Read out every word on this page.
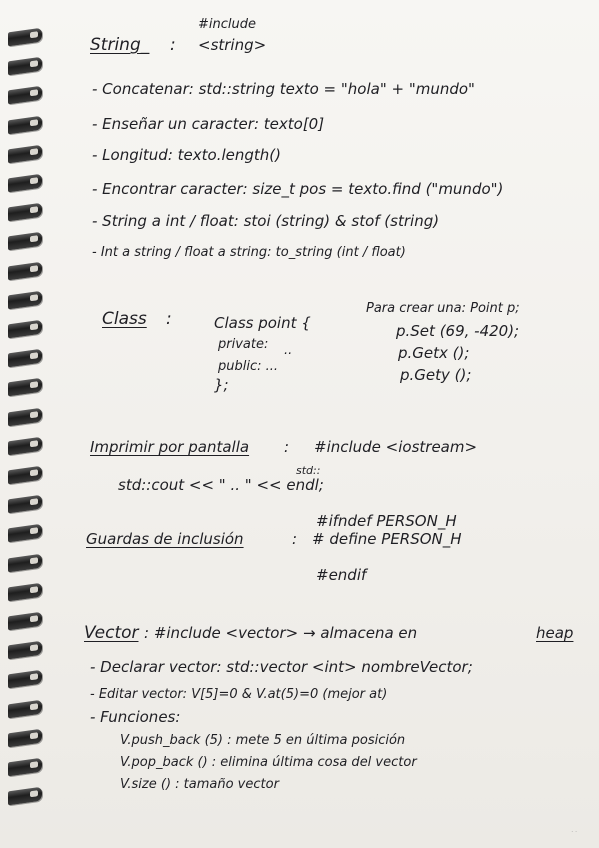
#include
String_ : <string>
- Concatenar: std::string texto = "hola" + "mundo"
- Enseñar un caracter: texto[0]
- Longitud: texto.length()
- Encontrar caracter: size_t pos = texto.find ("mundo")
- String a int / float: stoi (string) & stof (string)
- Int a string / float a string: to_string (int / float)
Class :	Class point {
private: ..
public: ...
};
Para crear una: Point p;
p.Set (69, -420);
p.Getx ();
p.Gety ();
Imprimir por pantalla : #include <iostream>
std::
std::cout << " .. " << endl;
#ifndef PERSON_H
Guardas de inclusión	: # define PERSON_H
#endif
Vector : #include <vector> → almacena en	heap
- Declarar vector: std::vector <int> nombreVector;
- Editar vector: V[5]=0 & V.at(5)=0 (mejor at)
- Funciones:
V.push_back (5) : mete 5 en última posición
V.pop_back () : elimina última cosa del vector
V.size () : tamaño vector
· ·
